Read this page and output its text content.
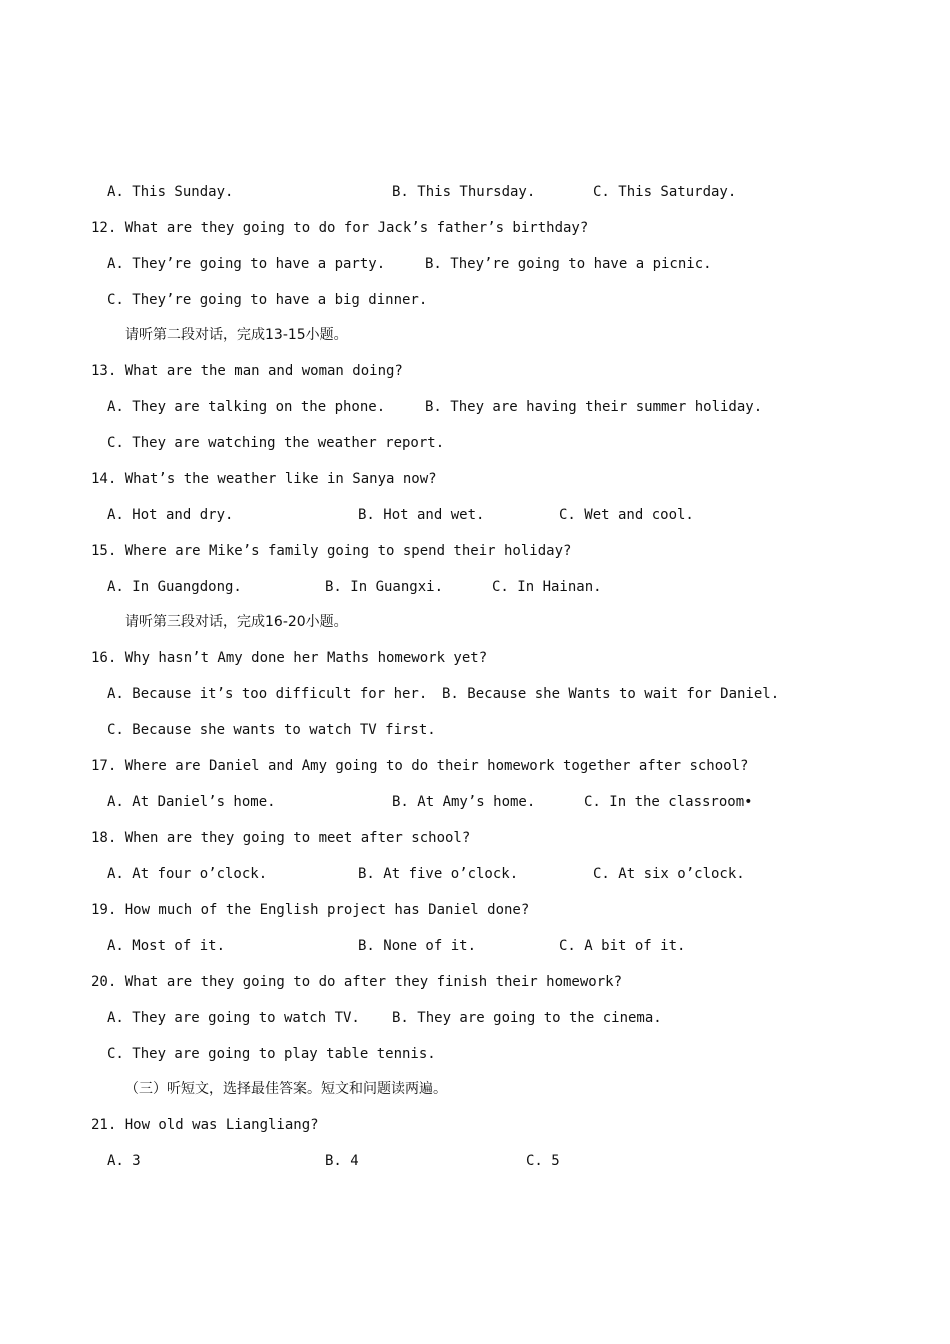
A. This Sunday.	B. This Thursday.	C. This Saturday.
12. What are they going to do for Jack’s father’s birthday?
A. They’re going to have a party.	B. They’re going to have a picnic.
C. They’re going to have a big dinner.
请听第二段对话，完成13-15小题。
13. What are the man and woman doing?
A. They are talking on the phone.	B. They are having their summer holiday.
C. They are watching the weather report.
14. What’s the weather like in Sanya now?
A. Hot and dry.	B. Hot and wet.	C. Wet and cool.
15. Where are Mike’s family going to spend their holiday?
A. In Guangdong.	B. In Guangxi.	C. In Hainan.
请听第三段对话，完成16-20小题。
16. Why hasn’t Amy done her Maths homework yet?
A. Because it’s too difficult for her. B. Because she Wants to wait for Daniel.
C. Because she wants to watch TV first.
17. Where are Daniel and Amy going to do their homework together after school?
A. At Daniel’s home.	B. At Amy’s home.	C. In the classroom•
18. When are they going to meet after school?
A. At four o’clock.	B. At five o’clock.	C. At six o’clock.
19. How much of the English project has Daniel done?
A. Most of it.	B. None of it.	C. A bit of it.
20. What are they going to do after they finish their homework?
A. They are going to watch TV. B. They are going to the cinema.
C. They are going to play table tennis.
（三）听短文，选择最佳答案。短文和问题读两遍。
21. How old was Liangliang?
A. 3	B. 4	C. 5
